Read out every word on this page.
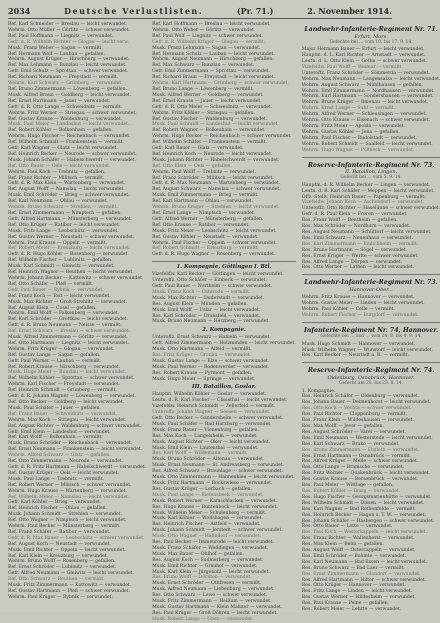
2034	Deutsche Verlustlisten.	(Pr. 71.)	2. November 1914.
Ref. Karl Schneider — Breslau — leicht verwundet.
Wehrm. Otto Müller — Görlitz — schwer verwundet.
Ref. Paul Hoffmann — Liegnitz — verwundet.
Gefr. d. R. Wilhelm Richter — Glogau — leicht verw.
Musk. Franz Weber — Sagan — vermißt.
Ref. Hermann Wolf — Lauban — gefallen.
Wehrm. August Krüger — Hirschberg — verwundet.
Ref. Max Lehmann — Bunzlau — leicht verwundet.
Gefr. Emil Schulz — Sprottau — schwer verwundet.
Ref. Richard Neumann — Freystadt — vermißt.
Wehrm. Karl Schwarz — Grünberg — verwundet.
Ref. Bruno Zimmermann — Löwenberg — gefallen.
Musk. Alfred Braun — Goldberg — leicht verwundet.
Ref. Ernst Hartmann — Jauer — verwundet.
Gefr. d. R. Otto Lange — Schweidnitz — vermißt.
Wehrm. Fritz Werner — Striegau — schwer verwundet.
Ref. Gustav Krause — Waldenburg — verwundet.
Musk. Paul Meier — Landeshut — leicht verwundet.
Ref. Robert Köhler — Bolkenhain — gefallen.
Wehrm. Hugo Fischer — Reichenbach — verwundet.
Ref. Wilhelm Schmidt — Frankenstein — vermißt.
Gefr. Karl Wagner — Glatz — leicht verwundet.
Ref. Heinrich Becker — Neurode — schwer verwundet.
Musk. Johann Schäfer — Habelschwerdt — verwundet.
Ref. Otto Bauer — Oels — leicht verwundet.
Wehrm. Paul Koch — Trebnitz — gefallen.
Ref. Franz Richter — Militsch — vermißt.
Gefr. d. R. Max Klein — Wartenberg — verwundet.
Ref. August Wolff — Namslau — leicht verwundet.
Musk. Emil Schröder — Brieg — schwer verwundet.
Ref. Karl Neumann — Ohlau — verwundet.
Wehrm. Bruno Schwarz — Strehlen — vermißt.
Ref. Ernst Zimmermann — Nimptsch — gefallen.
Gefr. Alfred Hartmann — Münsterberg — verwundet.
Ref. Otto Krüger — Ratibor — leicht verwundet.
Musk. Fritz Lange — Leobschütz — verwundet.
Ref. Gustav Werner — Neustadt — schwer verwundet.
Wehrm. Paul Krause — Oppeln — vermißt.
Ref. Robert Meier — Kreuzburg — leicht verwundet.
Gefr. d. R. Hugo Köhler — Rosenberg — verwundet.
Ref. Wilhelm Fischer — Lublinitz — gefallen.
Musk. Karl Schmidt — Gleiwitz — verwundet.
Ref. Heinrich Wagner — Beuthen — leicht verwundet.
Wehrm. Johann Becker — Kattowitz — schwer verwundet.
Ref. Otto Schäfer — Pleß — vermißt.
Gefr. Paul Bauer — Rybnik — verwundet.
Ref. Franz Koch — Tost — leicht verwundet.
Musk. Max Richter — Groß-Strehlitz — verwundet.
Ref. August Klein — Cosel — gefallen.
Wehrm. Emil Wolff — Falkenberg — verwundet.
Ref. Karl Schröder — Grottkau — leicht verwundet.
Gefr. d. R. Bruno Neumann — Neisse — vermißt.
Ref. Ernst Schwarz — Breslau — schwer verwundet.
Musk. Alfred Zimmermann — Görlitz — verwundet.
Ref. Otto Hartmann — Liegnitz — leicht verwundet.
Wehrm. Fritz Krüger — Glogau — verwundet.
Ref. Gustav Lange — Sagan — gefallen.
Gefr. Paul Werner — Lauban — vermißt.
Ref. Robert Krause — Hirschberg — verwundet.
Musk. Hugo Meier — Bunzlau — leicht verwundet.
Ref. Wilhelm Köhler — Sprottau — schwer verwundet.
Wehrm. Karl Fischer — Freystadt — verwundet.
Ref. Heinrich Schmidt — Grünberg — vermißt.
Gefr. d. R. Johann Wagner — Löwenberg — verwundet.
Ref. Otto Becker — Goldberg — leicht verwundet.
Musk. Paul Schäfer — Jauer — gefallen.
Ref. Franz Bauer — Schweidnitz — verwundet.
Wehrm. Max Koch — Striegau — leicht verwundet.
Ref. August Richter — Waldenburg — schwer verwundet.
Gefr. Emil Klein — Landeshut — verwundet.
Ref. Karl Wolff — Bolkenhain — vermißt.
Musk. Bruno Schröder — Reichenbach — verwundet.
Ref. Ernst Neumann — Frankenstein — leicht verwundet.
Wehrm. Alfred Schwarz — Glatz — gefallen.
Ref. Otto Zimmermann — Neurode — verwundet.
Gefr. d. R. Fritz Hartmann — Habelschwerdt — verwundet.
Ref. Gustav Krüger — Oels — leicht verwundet.
Musk. Paul Lange — Trebnitz — vermißt.
Ref. Robert Werner — Militsch — schwer verwundet.
Wehrm. Hugo Krause — Wartenberg — verwundet.
Ref. Wilhelm Meier — Namslau — leicht verwundet.
Gefr. Karl Köhler — Brieg — verwundet.
Ref. Heinrich Fischer — Ohlau — gefallen.
Musk. Johann Schmidt — Strehlen — verwundet.
Ref. Otto Wagner — Nimptsch — leicht verwundet.
Wehrm. Paul Becker — Münsterberg — vermißt.
Ref. Franz Schäfer — Ratibor — verwundet.
Gefr. d. R. Max Bauer — Leobschütz — schwer verwundet.
Ref. August Koch — Neustadt — verwundet.
Musk. Emil Richter — Oppeln — leicht verwundet.
Ref. Karl Klein — Kreuzburg — verwundet.
Wehrm. Bruno Wolff — Rosenberg — gefallen.
Ref. Ernst Schröder — Lublinitz — verwundet.
Gefr. Alfred Neumann — Gleiwitz — leicht verwundet.
Ref. Otto Schwarz — Beuthen — vermißt.
Musk. Fritz Zimmermann — Kattowitz — verwundet.
Ref. Gustav Hartmann — Pleß — schwer verwundet.
Wehrm. Paul Krüger — Rybnik — verwundet.
Ref. Karl Hoffmann — Breslau — leicht verwundet.
Wehrm. Otto Weber — Görlitz — verwundet.
Ref. Paul Wolf — Liegnitz — schwer verwundet.
Gefr. d. R. Wilhelm Krüger — Glogau — vermißt.
Musk. Franz Lehmann — Sagan — verwundet.
Ref. Hermann Schulz — Lauban — leicht verwundet.
Wehrm. August Neumann — Hirschberg — gefallen.
Ref. Max Schwarz — Bunzlau — verwundet.
Gefr. Emil Zimmermann — Sprottau — verwundet.
Ref. Richard Braun — Freystadt — leicht verwundet.
Wehrm. Karl Hartmann — Grünberg — schwer verwundet.
Ref. Bruno Lange — Löwenberg — vermißt.
Musk. Alfred Werner — Goldberg — verwundet.
Ref. Ernst Krause — Jauer — leicht verwundet.
Gefr. d. R. Otto Meier — Schweidnitz — verwundet.
Wehrm. Fritz Köhler — Striegau — gefallen.
Ref. Gustav Fischer — Waldenburg — verwundet.
Musk. Paul Schmidt — Landeshut — leicht verwundet.
Ref. Robert Wagner — Bolkenhain — verwundet.
Wehrm. Hugo Becker — Reichenbach — schwer verwundet.
Ref. Wilhelm Schäfer — Frankenstein — vermißt.
Gefr. Karl Bauer — Glatz — verwundet.
Ref. Heinrich Koch — Neurode — leicht verwundet.
Musk. Johann Richter — Habelschwerdt — verwundet.
Ref. Otto Klein — Oels — gefallen.
Wehrm. Paul Wolff — Trebnitz — verwundet.
Ref. Franz Schröder — Militsch — leicht verwundet.
Gefr. d. R. Max Neumann — Wartenberg — verwundet.
Ref. August Schwarz — Namslau — schwer verwundet.
Musk. Emil Zimmermann — Brieg — vermißt.
Ref. Karl Hartmann — Ohlau — verwundet.
Wehrm. Bruno Krüger — Strehlen — leicht verwundet.
Ref. Ernst Lange — Nimptsch — verwundet.
Gefr. Alfred Werner — Münsterberg — gefallen.
Ref. Otto Krause — Ratibor — verwundet.
Musk. Fritz Meier — Leobschütz — leicht verwundet.
Ref. Gustav Köhler — Neustadt — verwundet.
Wehrm. Paul Fischer — Oppeln — schwer verwundet.
Ref. Robert Schmidt — Kreuzburg — vermißt.
Gefr. d. R. Hugo Wagner — Rosenberg — verwundet.
1. Kompagnie, Göttingen I. Btl.
Vizefeldw. Karl Becker — Göttingen — leicht verwundet.
Unteroffz. Otto Schäfer — Einbeck — verwundet.
Gefr. Paul Bauer — Northeim — schwer verwundet.
Musk. Franz Koch — Osterode — vermißt.
Musk. Max Richter — Duderstadt — verwundet.
Res. August Klein — Münden — gefallen.
Musk. Emil Wolff — Uslar — leicht verwundet.
Res. Karl Schröder — Dransfeld — verwundet.
Musk. Bruno Neumann — Herzberg — verwundet.
2. Kompagnie.
Unteroffz. Ernst Schwarz — Hameln — verwundet.
Gefr. Alfred Zimmermann — Holzminden — leicht verwundet.
Musk. Otto Hartmann — Alfeld — vermißt.
Res. Fritz Krüger — Gronau — verwundet.
Musk. Gustav Lange — Elze — schwer verwundet.
Musk. Paul Werner — Bodenwerder — verwundet.
Res. Robert Krause — Pyrmont — gefallen.
Musk. Hugo Meier — Springe — verwundet.
III. Bataillon, Goslar.
Hauptm. Wilhelm Köhler — Goslar — verwundet.
Leutn. d. R. Karl Fischer — Clausthal — leicht verwundet.
Vizefeldw. Heinrich Schmidt — Zellerfeld — vermißt.
Unteroffz. Johann Wagner — Seesen — verwundet.
Gefr. Otto Becker — Gandersheim — schwer verwundet.
Musk. Paul Schäfer — Bad Harzburg — verwundet.
Musk. Franz Bauer — Vienenburg — gefallen.
Res. Max Koch — Langelsheim — verwundet.
Musk. August Richter — Oker — leicht verwundet.
Musk. Emil Klein — Lautenthal — verwundet.
Res. Karl Wolff — Wildemann — vermißt.
Musk. Bruno Schröder — Altenau — verwundet.
Musk. Ernst Neumann — St. Andreasberg — verwundet.
Res. Alfred Schwarz — Braunlage — schwer verwundet.
Musk. Otto Zimmermann — Hahnenklee — leicht verwundet.
Musk. Fritz Hartmann — Bockswiese — verwundet.
Res. Gustav Krüger — Lerbach — gefallen.
Musk. Paul Lange — Riefensbeek — verwundet.
Musk. Robert Werner — Kamschlacken — verwundet.
Res. Hugo Krause — Buntenbock — leicht verwundet.
Musk. Wilhelm Meier — Schulenberg — vermißt.
Musk. Karl Köhler — Wolfshagen — verwundet.
Res. Heinrich Fischer — Astfeld — verwundet.
Musk. Johann Schmidt — Jerstedt — schwer verwundet.
Musk. Otto Wagner — Hahndorf — verwundet.
Res. Paul Becker — Immenrode — leicht verwundet.
Musk. Franz Schäfer — Weddingen — verwundet.
Musk. Max Bauer — Ohlhof — gefallen.
Res. August Koch — Sudmerberg — verwundet.
Musk. Emil Richter — Grauhof — verwundet.
Musk. Karl Klein — Jürgenohl — leicht verwundet.
Res. Bruno Wolff — Dörnten — verwundet.
Musk. Ernst Schröder — Othfresen — vermißt.
Musk. Alfred Neumann — Liebenburg — verwundet.
Res. Otto Schwarz — Lewe — schwer verwundet.
Musk. Fritz Zimmermann — Heißum — verwundet.
Musk. Gustav Hartmann — Klein Mahner — verwundet.
Res. Paul Krüger — Groß Döhren — leicht verwundet.
Musk. Robert Lange — Upen — verwundet.
Landwehr-Infanterie-Regiment Nr. 71.
Erfurt, Mors.
Gefechte bei ... vom 10. bis 17. 9. 14.
Major Hermann Bauer — Erfurt — leicht verwundet.
Hauptm. d. L. Karl Richter — Arnstadt — verwundet.
Leutn. d. L. Otto Klein — Gotha — schwer verwundet.
Vizefeldw. Paul Wolff — Weimar — vermißt.
Unteroffz. Franz Schröder — Sömmerda — verwundet.
Wehrm. Max Neumann — Langensalza — leicht verwundet.
Wehrm. August Schwarz — Mühlhausen — gefallen.
Wehrm. Emil Zimmermann — Nordhausen — verwundet.
Wehrm. Karl Hartmann — Sondershausen — verwundet.
Wehrm. Bruno Krüger — Ilmenau — leicht verwundet.
Wehrm. Ernst Lange — Suhl — vermißt.
Wehrm. Alfred Werner — Schleusingen — verwundet.
Wehrm. Otto Krause — Eisenach — schwer verwundet.
Wehrm. Fritz Meier — Apolda — verwundet.
Wehrm. Gustav Köhler — Jena — gefallen.
Wehrm. Paul Fischer — Rudolstadt — verwundet.
Wehrm. Robert Schmidt — Saalfeld — leicht verwundet.
Wehrm. Hugo Wagner — Pößneck — verwundet.
Reserve-Infanterie-Regiment Nr. 73.
II. Bataillon, Lingen.
Gefecht bei ... vom 5. 9. 14.
Hauptm. d. R. Wilhelm Becker — Lingen — verwundet.
Leutn. d. R. Karl Schäfer — Meppen — leicht verwundet.
Offz.-Stellv. Heinrich Bauer — Papenburg — vermißt.
Vizefeldw. Johann Koch — Aschendorf — verwundet.
Unteroffz. Otto Richter — Haselünne — schwer verwundet.
Gefr. d. R. Paul Klein — Freren — verwundet.
Res. Franz Wolff — Bentheim — gefallen.
Res. Max Schröder — Nordhorn — verwundet.
Res. August Neumann — Schüttorf — leicht verwundet.
Res. Emil Schwarz — Neuenhaus — verwundet.
Res. Karl Zimmermann — Emlichheim — vermißt.
Res. Bruno Hartmann — Sögel — verwundet.
Res. Ernst Krüger — Werlte — schwer verwundet.
Res. Alfred Lange — Dörpen — verwundet.
Res. Otto Werner — Lathen — leicht verwundet.
Landwehr-Infanterie-Regiment Nr. 73.
Hannover-Ober...
Wehrm. Fritz Krause — Hannover — verwundet.
Wehrm. Gustav Meier — Linden — leicht verwundet.
Wehrm. Paul Köhler — Celle — vermißt.
Wehrm. Robert Fischer — Burgdorf — verwundet.
Infanterie-Regiment Nr. 74, Hannover.
Gefechte bei ... und ... vom 24. 8. bis 4. 9. 14.
Musk. Hugo Schmidt — Hannover — verwundet.
Musk. Wilhelm Wagner — Wunstorf — leicht verwundet.
Res. Karl Becker — Neustadt a. R. — vermißt.
Reserve-Infanterie-Regiment Nr. 74.
Oldenburg, Osnabrück, Hannover.
Gefecht am 20. bis 23. 8. 14.
1. Kompagnie.
Res. Heinrich Schäfer — Oldenburg — verwundet.
Res. Johann Bauer — Delmenhorst — leicht verwundet.
Res. Otto Koch — Vechta — schwer verwundet.
Res. Paul Richter — Cloppenburg — vermißt.
Res. Franz Klein — Wildeshausen — verwundet.
Res. Max Wolff — Jever — gefallen.
Res. August Schröder — Varel — verwundet.
Res. Emil Neumann — Westerstede — leicht verwundet.
Res. Karl Schwarz — Brake — verwundet.
Res. Bruno Zimmermann — Elsfleth — verwundet.
Res. Ernst Hartmann — Osnabrück — vermißt.
Res. Alfred Krüger — Melle — schwer verwundet.
Res. Otto Lange — Bramsche — verwundet.
Res. Fritz Werner — Quakenbrück — leicht verwundet.
Res. Gustav Krause — Bersenbrück — verwundet.
Res. Paul Meier — Wittlage — gefallen.
Res. Robert Köhler — Iburg — verwundet.
Res. Hugo Fischer — Georgsmarienhütte — verwundet.
Res. Wilhelm Schmidt — Dissen — leicht verwundet.
Res. Karl Wagner — Bad Rothenfelde — vermißt.
Res. Heinrich Becker — Hagen a. T. W. — verwundet.
Res. Johann Schäfer — Hasbergen — schwer verwundet.
Res. Otto Bauer — Lotte — verwundet.
Res. Paul Koch — Westerkappeln — leicht verwundet.
Res. Franz Richter — Wallenhorst — verwundet.
Res. Max Klein — Belm — gefallen.
Res. August Wolff — Ostercappeln — verwundet.
Res. Emil Schröder — Bohmte — verwundet.
Res. Karl Neumann — Bad Essen — leicht verwundet.
Res. Bruno Schwarz — Bad Laer — vermißt.
Res. Ernst Zimmermann — Glandorf — verwundet.
Res. Alfred Hartmann — Hilter — schwer verwundet.
Res. Otto Krüger — Hannover — verwundet.
Res. Fritz Lange — Linden — leicht verwundet.
Res. Gustav Werner — Hildesheim — verwundet.
Res. Paul Krause — Peine — gefallen.
Res. Robert Meier — Lehrte — verwundet.
